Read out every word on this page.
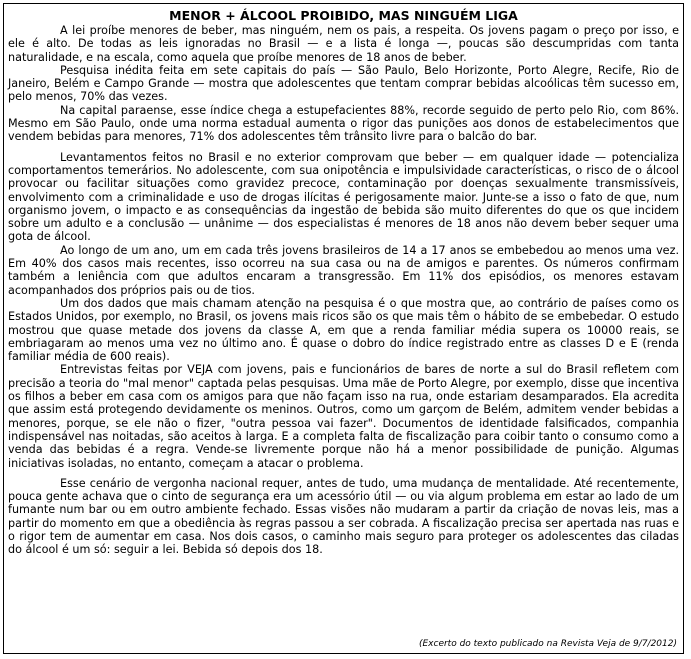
MENOR + ÁLCOOL PROIBIDO, MAS NINGUÉM LIGA

A lei proíbe menores de beber, mas ninguém, nem os pais, a respeita. Os jovens pagam o preço por isso, e ele é alto. De todas as leis ignoradas no Brasil — e a lista é longa —, poucas são descumpridas com tanta naturalidade, e na escala, como aquela que proíbe menores de 18 anos de beber.

Pesquisa inédita feita em sete capitais do país — São Paulo, Belo Horizonte, Porto Alegre, Recife, Rio de Janeiro, Belém e Campo Grande — mostra que adolescentes que tentam comprar bebidas alcoólicas têm sucesso em, pelo menos, 70% das vezes.

Na capital paraense, esse índice chega a estupefacientes 88%, recorde seguido de perto pelo Rio, com 86%. Mesmo em São Paulo, onde uma norma estadual aumenta o rigor das punições aos donos de estabelecimentos que vendem bebidas para menores, 71% dos adolescentes têm trânsito livre para o balcão do bar.

Levantamentos feitos no Brasil e no exterior comprovam que beber — em qualquer idade — potencializa comportamentos temerários. No adolescente, com sua onipotência e impulsividade características, o risco de o álcool provocar ou facilitar situações como gravidez precoce, contaminação por doenças sexualmente transmissíveis, envolvimento com a criminalidade e uso de drogas ilícitas é perigosamente maior. Junte-se a isso o fato de que, num organismo jovem, o impacto e as consequências da ingestão de bebida são muito diferentes do que os que incidem sobre um adulto e a conclusão — unânime — dos especialistas é menores de 18 anos não devem beber sequer uma gota de álcool.

Ao longo de um ano, um em cada três jovens brasileiros de 14 a 17 anos se embebedou ao menos uma vez. Em 40% dos casos mais recentes, isso ocorreu na sua casa ou na de amigos e parentes. Os números confirmam também a leniência com que adultos encaram a transgressão. Em 11% dos episódios, os menores estavam acompanhados dos próprios pais ou de tios.

Um dos dados que mais chamam atenção na pesquisa é o que mostra que, ao contrário de países como os Estados Unidos, por exemplo, no Brasil, os jovens mais ricos são os que mais têm o hábito de se embebedar. O estudo mostrou que quase metade dos jovens da classe A, em que a renda familiar média supera os 10000 reais, se embriagaram ao menos uma vez no último ano. É quase o dobro do índice registrado entre as classes D e E (renda familiar média de 600 reais).

Entrevistas feitas por VEJA com jovens, pais e funcionários de bares de norte a sul do Brasil refletem com precisão a teoria do "mal menor" captada pelas pesquisas. Uma mãe de Porto Alegre, por exemplo, disse que incentiva os filhos a beber em casa com os amigos para que não façam isso na rua, onde estariam desamparados. Ela acredita que assim está protegendo devidamente os meninos. Outros, como um garçom de Belém, admitem vender bebidas a menores, porque, se ele não o fizer, "outra pessoa vai fazer". Documentos de identidade falsificados, companhia indispensável nas noitadas, são aceitos à larga. E a completa falta de fiscalização para coibir tanto o consumo como a venda das bebidas é a regra. Vende-se livremente porque não há a menor possibilidade de punição. Algumas iniciativas isoladas, no entanto, começam a atacar o problema.

Esse cenário de vergonha nacional requer, antes de tudo, uma mudança de mentalidade. Até recentemente, pouca gente achava que o cinto de segurança era um acessório útil — ou via algum problema em estar ao lado de um fumante num bar ou em outro ambiente fechado. Essas visões não mudaram a partir da criação de novas leis, mas a partir do momento em que a obediência às regras passou a ser cobrada. A fiscalização precisa ser apertada nas ruas e o rigor tem de aumentar em casa. Nos dois casos, o caminho mais seguro para proteger os adolescentes das ciladas do álcool é um só: seguir a lei. Bebida só depois dos 18.

(Excerto do texto publicado na Revista Veja de 9/7/2012)
